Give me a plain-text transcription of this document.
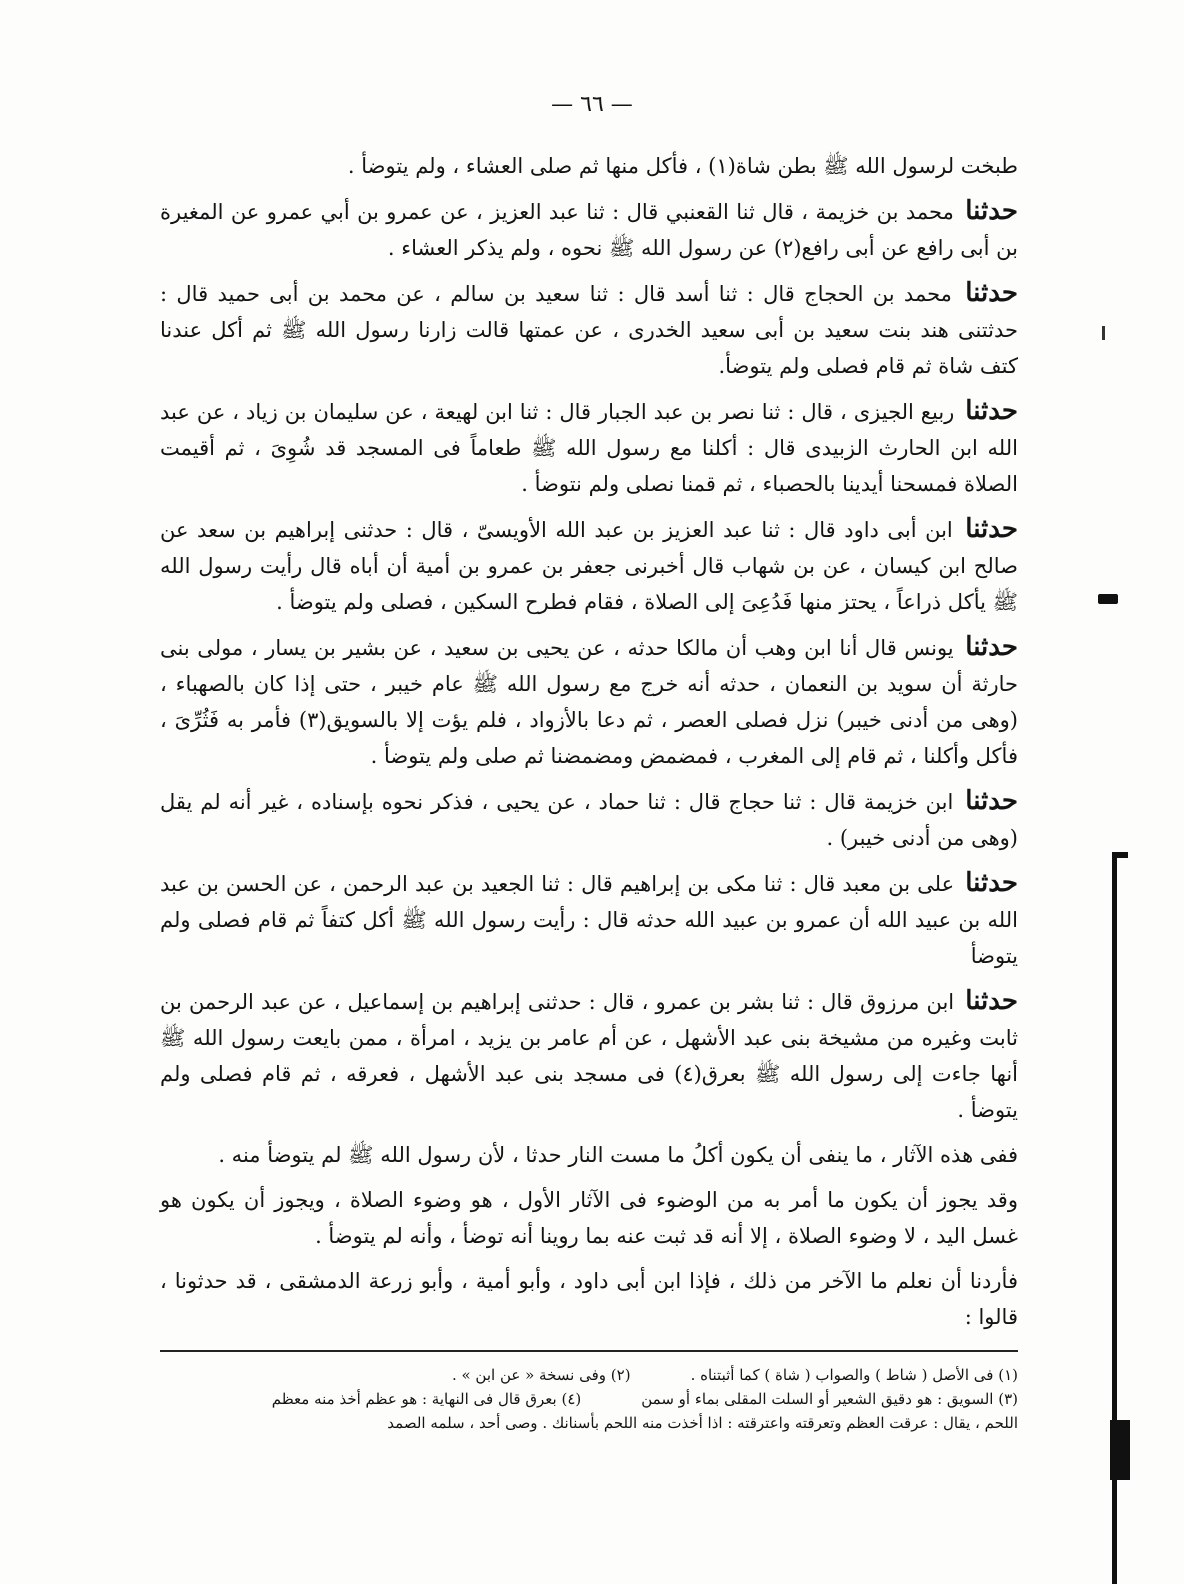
— ٦٦ —

طبخت لرسول الله ﷺ بطن شاة(١) ، فأكل منها ثم صلى العشاء ، ولم يتوضأ .

حدثنا محمد بن خزيمة ، قال ثنا القعنبي قال : ثنا عبد العزيز ، عن عمرو بن أبي عمرو عن المغيرة بن أبى رافع عن أبى رافع(٢) عن رسول الله ﷺ نحوه ، ولم يذكر العشاء .

حدثنا محمد بن الحجاج قال : ثنا أسد قال : ثنا سعيد بن سالم ، عن محمد بن أبى حميد قال : حدثتنى هند بنت سعيد بن أبى سعيد الخدرى ، عن عمتها قالت زارنا رسول الله ﷺ ثم أكل عندنا كتف شاة ثم قام فصلى ولم يتوضأ.

حدثنا ربيع الجيزى ، قال : ثنا نصر بن عبد الجبار قال : ثنا ابن لهيعة ، عن سليمان بن زياد ، عن عبد الله ابن الحارث الزبيدى قال : أكلنا مع رسول الله ﷺ طعاماً فى المسجد قد شُوِىَ ، ثم أقيمت الصلاة فمسحنا أيدينا بالحصباء ، ثم قمنا نصلى ولم نتوضأ .

حدثنا ابن أبى داود قال : ثنا عبد العزيز بن عبد الله الأويسىّ ، قال : حدثنى إبراهيم بن سعد عن صالح ابن كيسان ، عن بن شهاب قال أخبرنى جعفر بن عمرو بن أمية أن أباه قال رأيت رسول الله ﷺ يأكل ذراعاً ، يحتز منها فَدُعِىَ إلى الصلاة ، فقام فطرح السكين ، فصلى ولم يتوضأ .

حدثنا يونس قال أنا ابن وهب أن مالكا حدثه ، عن يحيى بن سعيد ، عن بشير بن يسار ، مولى بنى حارثة أن سويد بن النعمان ، حدثه أنه خرج مع رسول الله ﷺ عام خيبر ، حتى إذا كان بالصهباء ، (وهى من أدنى خيبر) نزل فصلى العصر ، ثم دعا بالأزواد ، فلم يؤت إلا بالسويق(٣) فأمر به فَثُرِّىَ ، فأكل وأكلنا ، ثم قام إلى المغرب ، فمضمض ومضمضنا ثم صلى ولم يتوضأ .

حدثنا ابن خزيمة قال : ثنا حجاج قال : ثنا حماد ، عن يحيى ، فذكر نحوه بإسناده ، غير أنه لم يقل (وهى من أدنى خيبر) .

حدثنا على بن معبد قال : ثنا مكى بن إبراهيم قال : ثنا الجعيد بن عبد الرحمن ، عن الحسن بن عبد الله بن عبيد الله أن عمرو بن عبيد الله حدثه قال : رأيت رسول الله ﷺ أكل كتفاً ثم قام فصلى ولم يتوضأ

حدثنا ابن مرزوق قال : ثنا بشر بن عمرو ، قال : حدثنى إبراهيم بن إسماعيل ، عن عبد الرحمن بن ثابت وغيره من مشيخة بنى عبد الأشهل ، عن أم عامر بن يزيد ، امرأة ، ممن بايعت رسول الله ﷺ أنها جاءت إلى رسول الله ﷺ بعرق(٤) فى مسجد بنى عبد الأشهل ، فعرقه ، ثم قام فصلى ولم يتوضأ .

ففى هذه الآثار ، ما ينفى أن يكون أكلُ ما مست النار حدثا ، لأن رسول الله ﷺ لم يتوضأ منه .

وقد يجوز أن يكون ما أمر به من الوضوء فى الآثار الأول ، هو وضوء الصلاة ، ويجوز أن يكون هو غسل اليد ، لا وضوء الصلاة ، إلا أنه قد ثبت عنه بما روينا أنه توضأ ، وأنه لم يتوضأ .

فأردنا أن نعلم ما الآخر من ذلك ، فإذا ابن أبى داود ، وأبو أمية ، وأبو زرعة الدمشقى ، قد حدثونا ، قالوا :

(١) فى الأصل ( شاط ) والصواب ( شاة ) كما أثبتناه .
(٢) وفى نسخة « عن ابن » .
(٣) السويق : هو دقيق الشعير أو السلت المقلى بماء أو سمن
(٤) بعرق قال فى النهاية : هو عظم أخذ منه معظم
اللحم ، يقال : عرقت العظم وتعرقته واعترقته : اذا أخذت منه اللحم بأسنانك . وصى أحد ، سلمه الصمد
